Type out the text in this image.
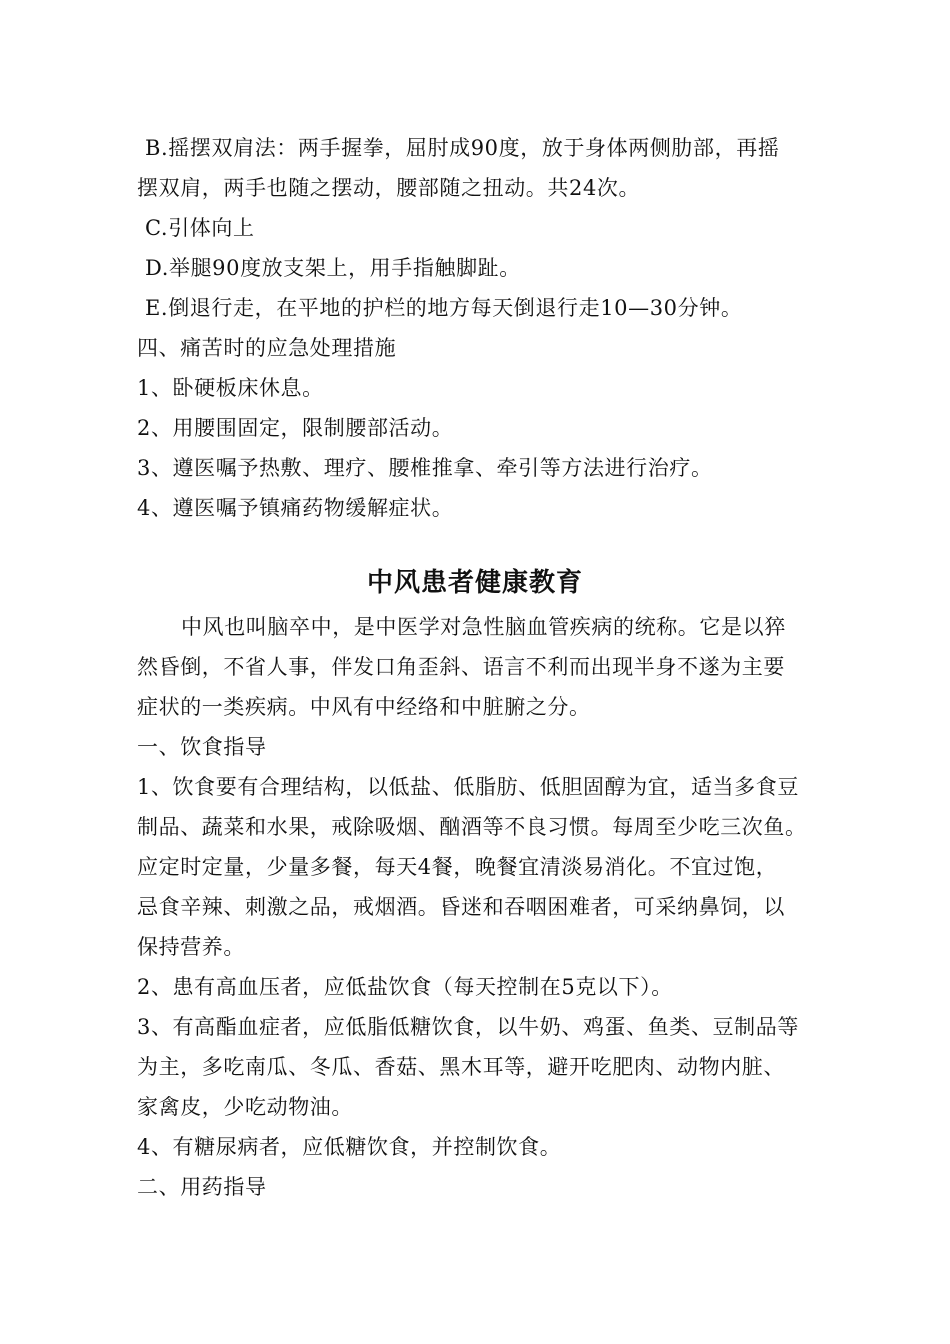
B.摇摆双肩法：两手握拳，屈肘成90度，放于身体两侧肋部，再摇
摆双肩，两手也随之摆动，腰部随之扭动。共24次。
C.引体向上
D.举腿90度放支架上，用手指触脚趾。
E.倒退行走，在平地的护栏的地方每天倒退行走10—30分钟。
四、痛苦时的应急处理措施
1、卧硬板床休息。
2、用腰围固定，限制腰部活动。
3、遵医嘱予热敷、理疗、腰椎推拿、牵引等方法进行治疗。
4、遵医嘱予镇痛药物缓解症状。
中风患者健康教育
中风也叫脑卒中，是中医学对急性脑血管疾病的统称。它是以猝
然昏倒，不省人事，伴发口角歪斜、语言不利而出现半身不遂为主要
症状的一类疾病。中风有中经络和中脏腑之分。
一、饮食指导
1、饮食要有合理结构，以低盐、低脂肪、低胆固醇为宜，适当多食豆
制品、蔬菜和水果，戒除吸烟、酗酒等不良习惯。每周至少吃三次鱼。
应定时定量，少量多餐，每天4餐，晚餐宜清淡易消化。不宜过饱，
忌食辛辣、刺激之品，戒烟酒。昏迷和吞咽困难者，可采纳鼻饲，以
保持营养。
2、患有高血压者，应低盐饮食（每天控制在5克以下）。
3、有高酯血症者，应低脂低糖饮食，以牛奶、鸡蛋、鱼类、豆制品等
为主，多吃南瓜、冬瓜、香菇、黑木耳等，避开吃肥肉、动物内脏、
家禽皮，少吃动物油。
4、有糖尿病者，应低糖饮食，并控制饮食。
二、用药指导
